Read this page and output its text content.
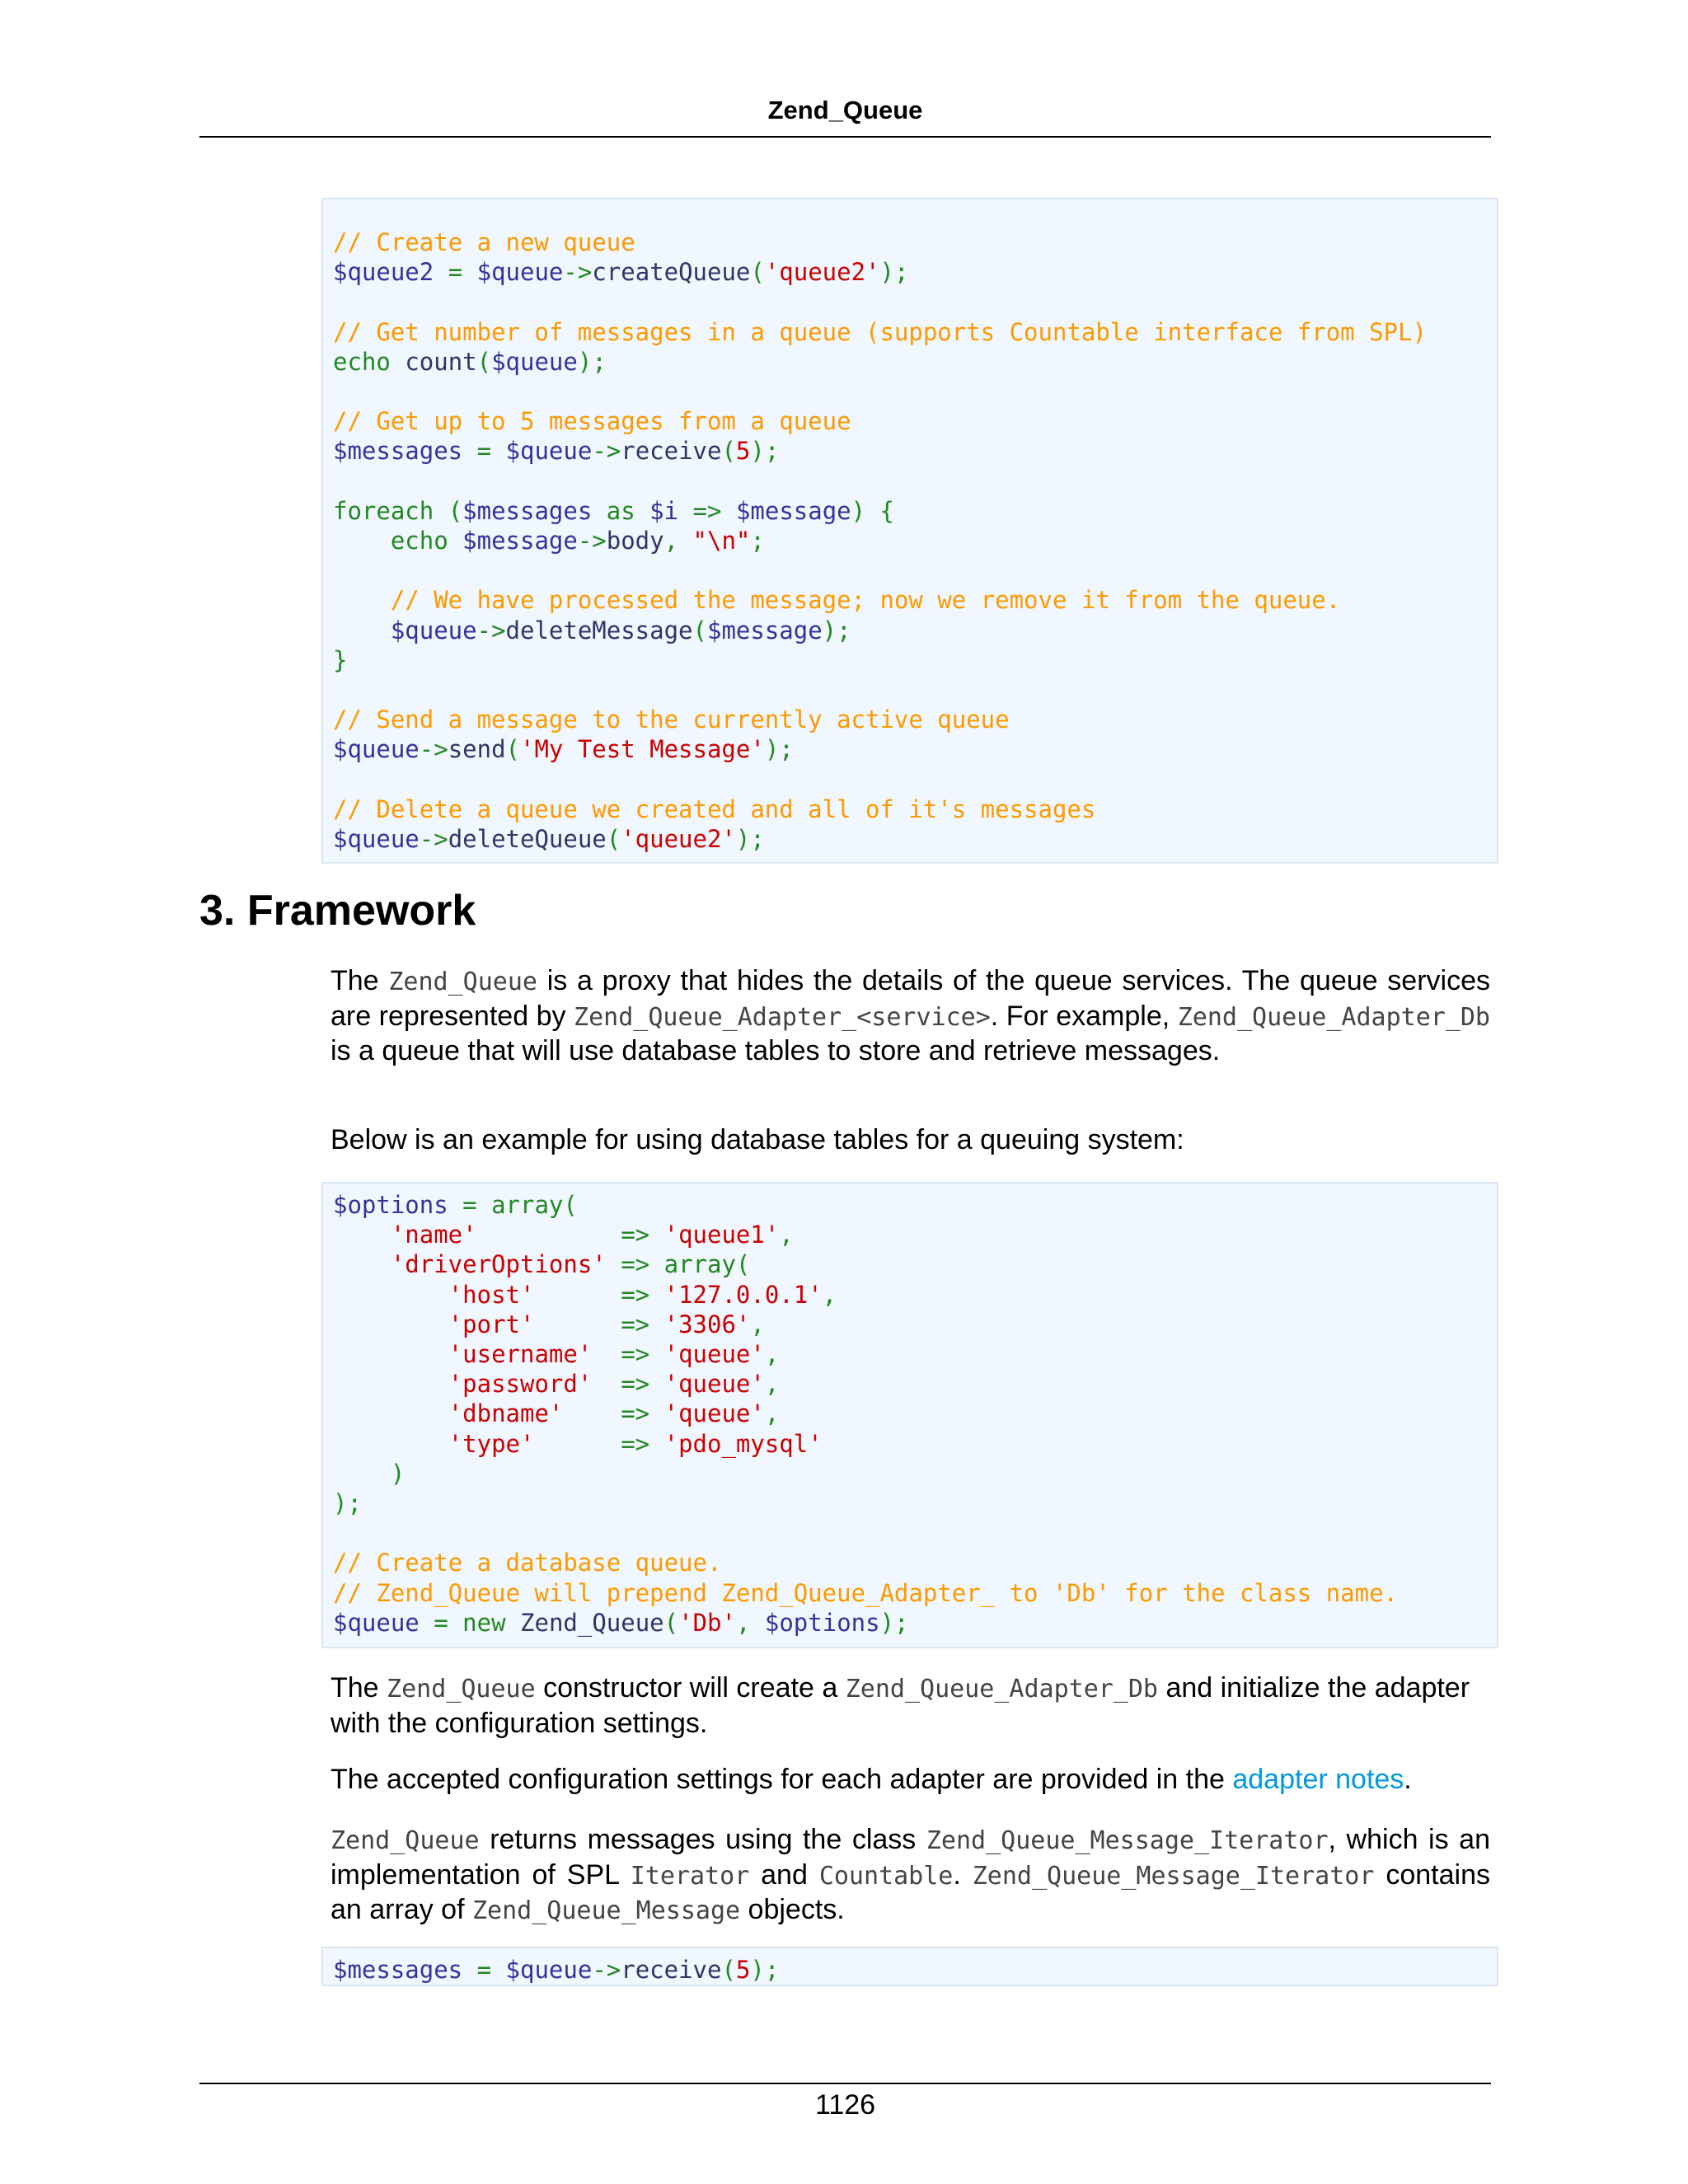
Zend_Queue
// Create a new queue
$queue2 = $queue->createQueue('queue2');

// Get number of messages in a queue (supports Countable interface from SPL)
echo count($queue);

// Get up to 5 messages from a queue
$messages = $queue->receive(5);

foreach ($messages as $i => $message) {
echo $message->body, "\n";

// We have processed the message; now we remove it from the queue.
$queue->deleteMessage($message);
}

// Send a message to the currently active queue
$queue->send('My Test Message');

// Delete a queue we created and all of it's messages
$queue->deleteQueue('queue2');
3. Framework
The Zend_Queue is a proxy that hides the details of the queue services. The queue services are represented by Zend_Queue_Adapter_<service>. For example, Zend_Queue_Adapter_Db is a queue that will use database tables to store and retrieve messages.
Below is an example for using database tables for a queuing system:
$options = array(
'name'	=> 'queue1',
'driverOptions' => array(
'host'	=> '127.0.0.1',
'port'	=> '3306',
'username' => 'queue',
'password' => 'queue',
'dbname' => 'queue',
'type'	=> 'pdo_mysql'
)
);

// Create a database queue.
// Zend_Queue will prepend Zend_Queue_Adapter_ to 'Db' for the class name.
$queue = new Zend_Queue('Db', $options);
The Zend_Queue constructor will create a Zend_Queue_Adapter_Db and initialize the adapter with the configuration settings.
The accepted configuration settings for each adapter are provided in the adapter notes.
Zend_Queue returns messages using the class Zend_Queue_Message_Iterator, which is an implementation of SPL Iterator and Countable. Zend_Queue_Message_Iterator contains an array of Zend_Queue_Message objects.
$messages = $queue->receive(5);
1126
